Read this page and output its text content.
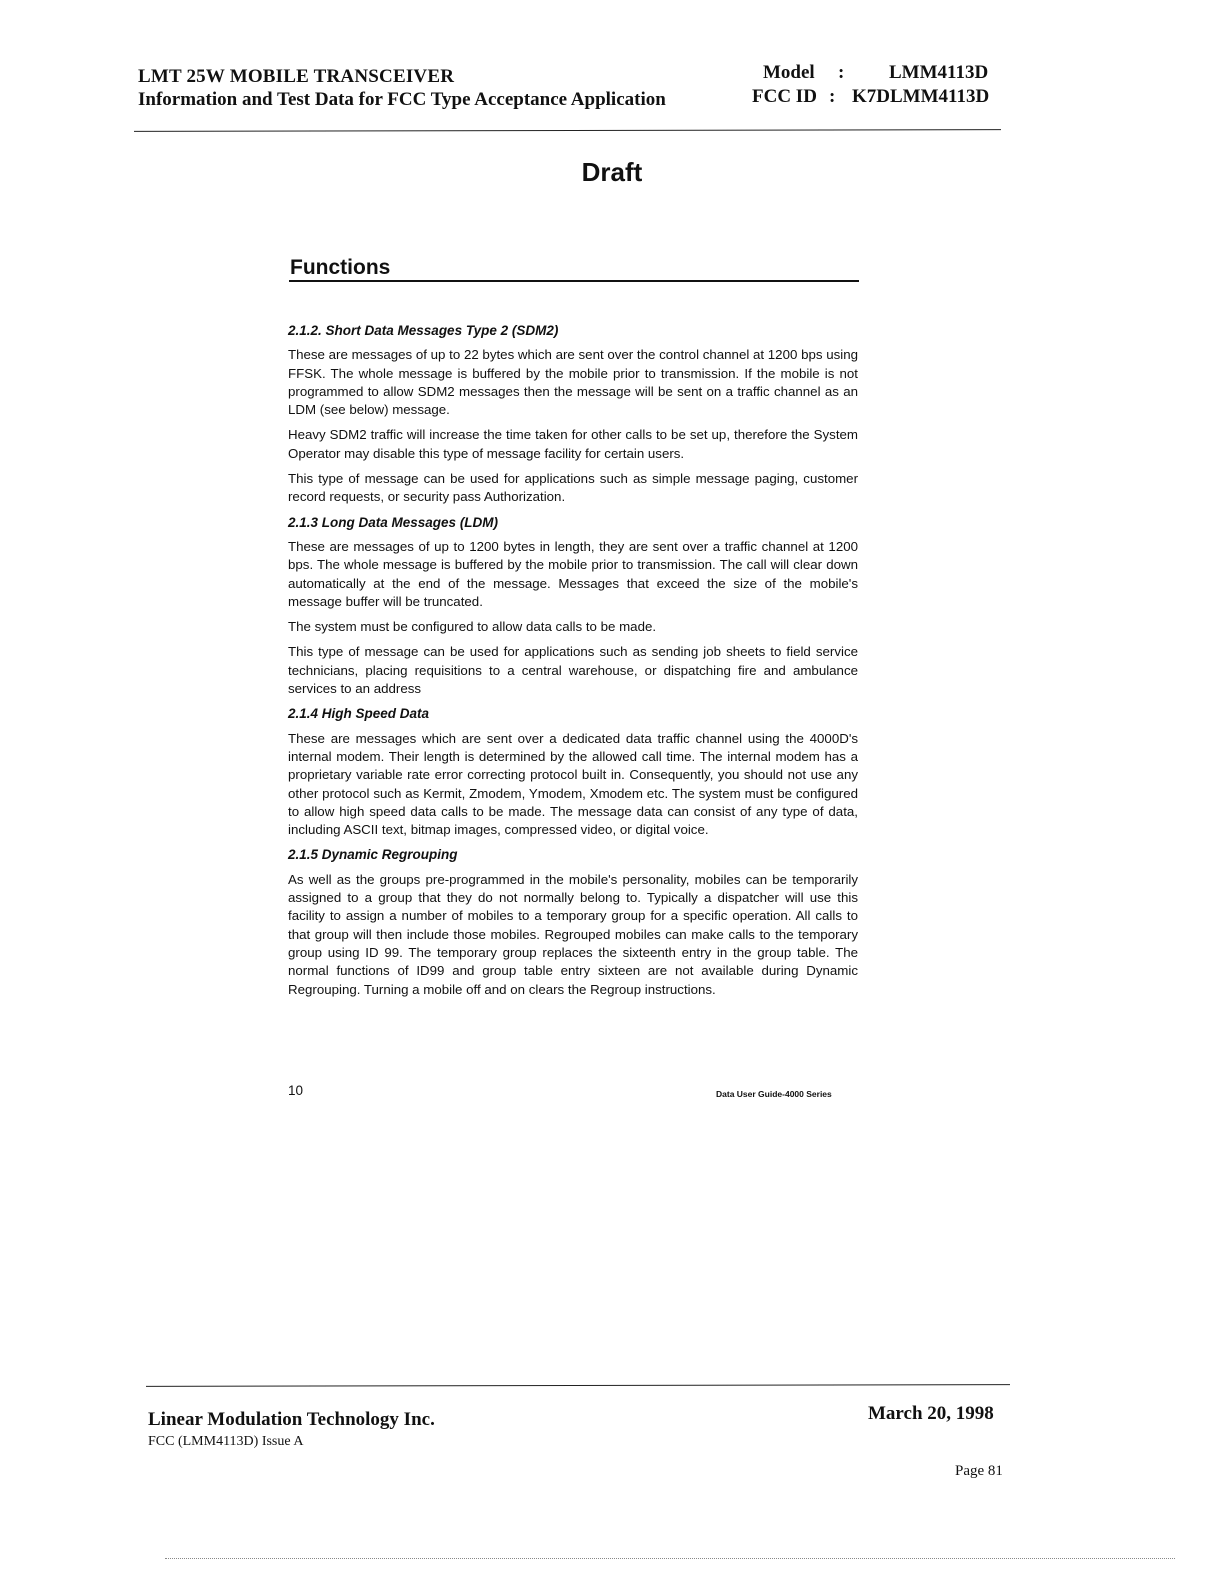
LMT 25W MOBILE TRANSCEIVER
Information and Test Data for FCC Type Acceptance Application
Model : LMM4113D
FCC ID : K7DLMM4113D
Draft
Functions
2.1.2. Short Data Messages Type 2 (SDM2)

These are messages of up to 22 bytes which are sent over the control channel at 1200 bps using FFSK. The whole message is buffered by the mobile prior to transmission. If the mobile is not programmed to allow SDM2 messages then the message will be sent on a traffic channel as an LDM (see below) message.

Heavy SDM2 traffic will increase the time taken for other calls to be set up, therefore the System Operator may disable this type of message facility for certain users.

This type of message can be used for applications such as simple message paging, customer record requests, or security pass Authorization.

2.1.3 Long Data Messages (LDM)

These are messages of up to 1200 bytes in length, they are sent over a traffic channel at 1200 bps. The whole message is buffered by the mobile prior to transmission. The call will clear down automatically at the end of the message. Messages that exceed the size of the mobile's message buffer will be truncated.

The system must be configured to allow data calls to be made.

This type of message can be used for applications such as sending job sheets to field service technicians, placing requisitions to a central warehouse, or dispatching fire and ambulance services to an address

2.1.4 High Speed Data

These are messages which are sent over a dedicated data traffic channel using the 4000D's internal modem. Their length is determined by the allowed call time. The internal modem has a proprietary variable rate error correcting protocol built in. Consequently, you should not use any other protocol such as Kermit, Zmodem, Ymodem, Xmodem etc. The system must be configured to allow high speed data calls to be made. The message data can consist of any type of data, including ASCII text, bitmap images, compressed video, or digital voice.

2.1.5 Dynamic Regrouping

As well as the groups pre-programmed in the mobile's personality, mobiles can be temporarily assigned to a group that they do not normally belong to. Typically a dispatcher will use this facility to assign a number of mobiles to a temporary group for a specific operation. All calls to that group will then include those mobiles. Regrouped mobiles can make calls to the temporary group using ID 99. The temporary group replaces the sixteenth entry in the group table. The normal functions of ID99 and group table entry sixteen are not available during Dynamic Regrouping. Turning a mobile off and on clears the Regroup instructions.

10	Data User Guide-4000 Series
Linear Modulation Technology Inc.
FCC (LMM4113D) Issue A
March 20, 1998
Page 81
